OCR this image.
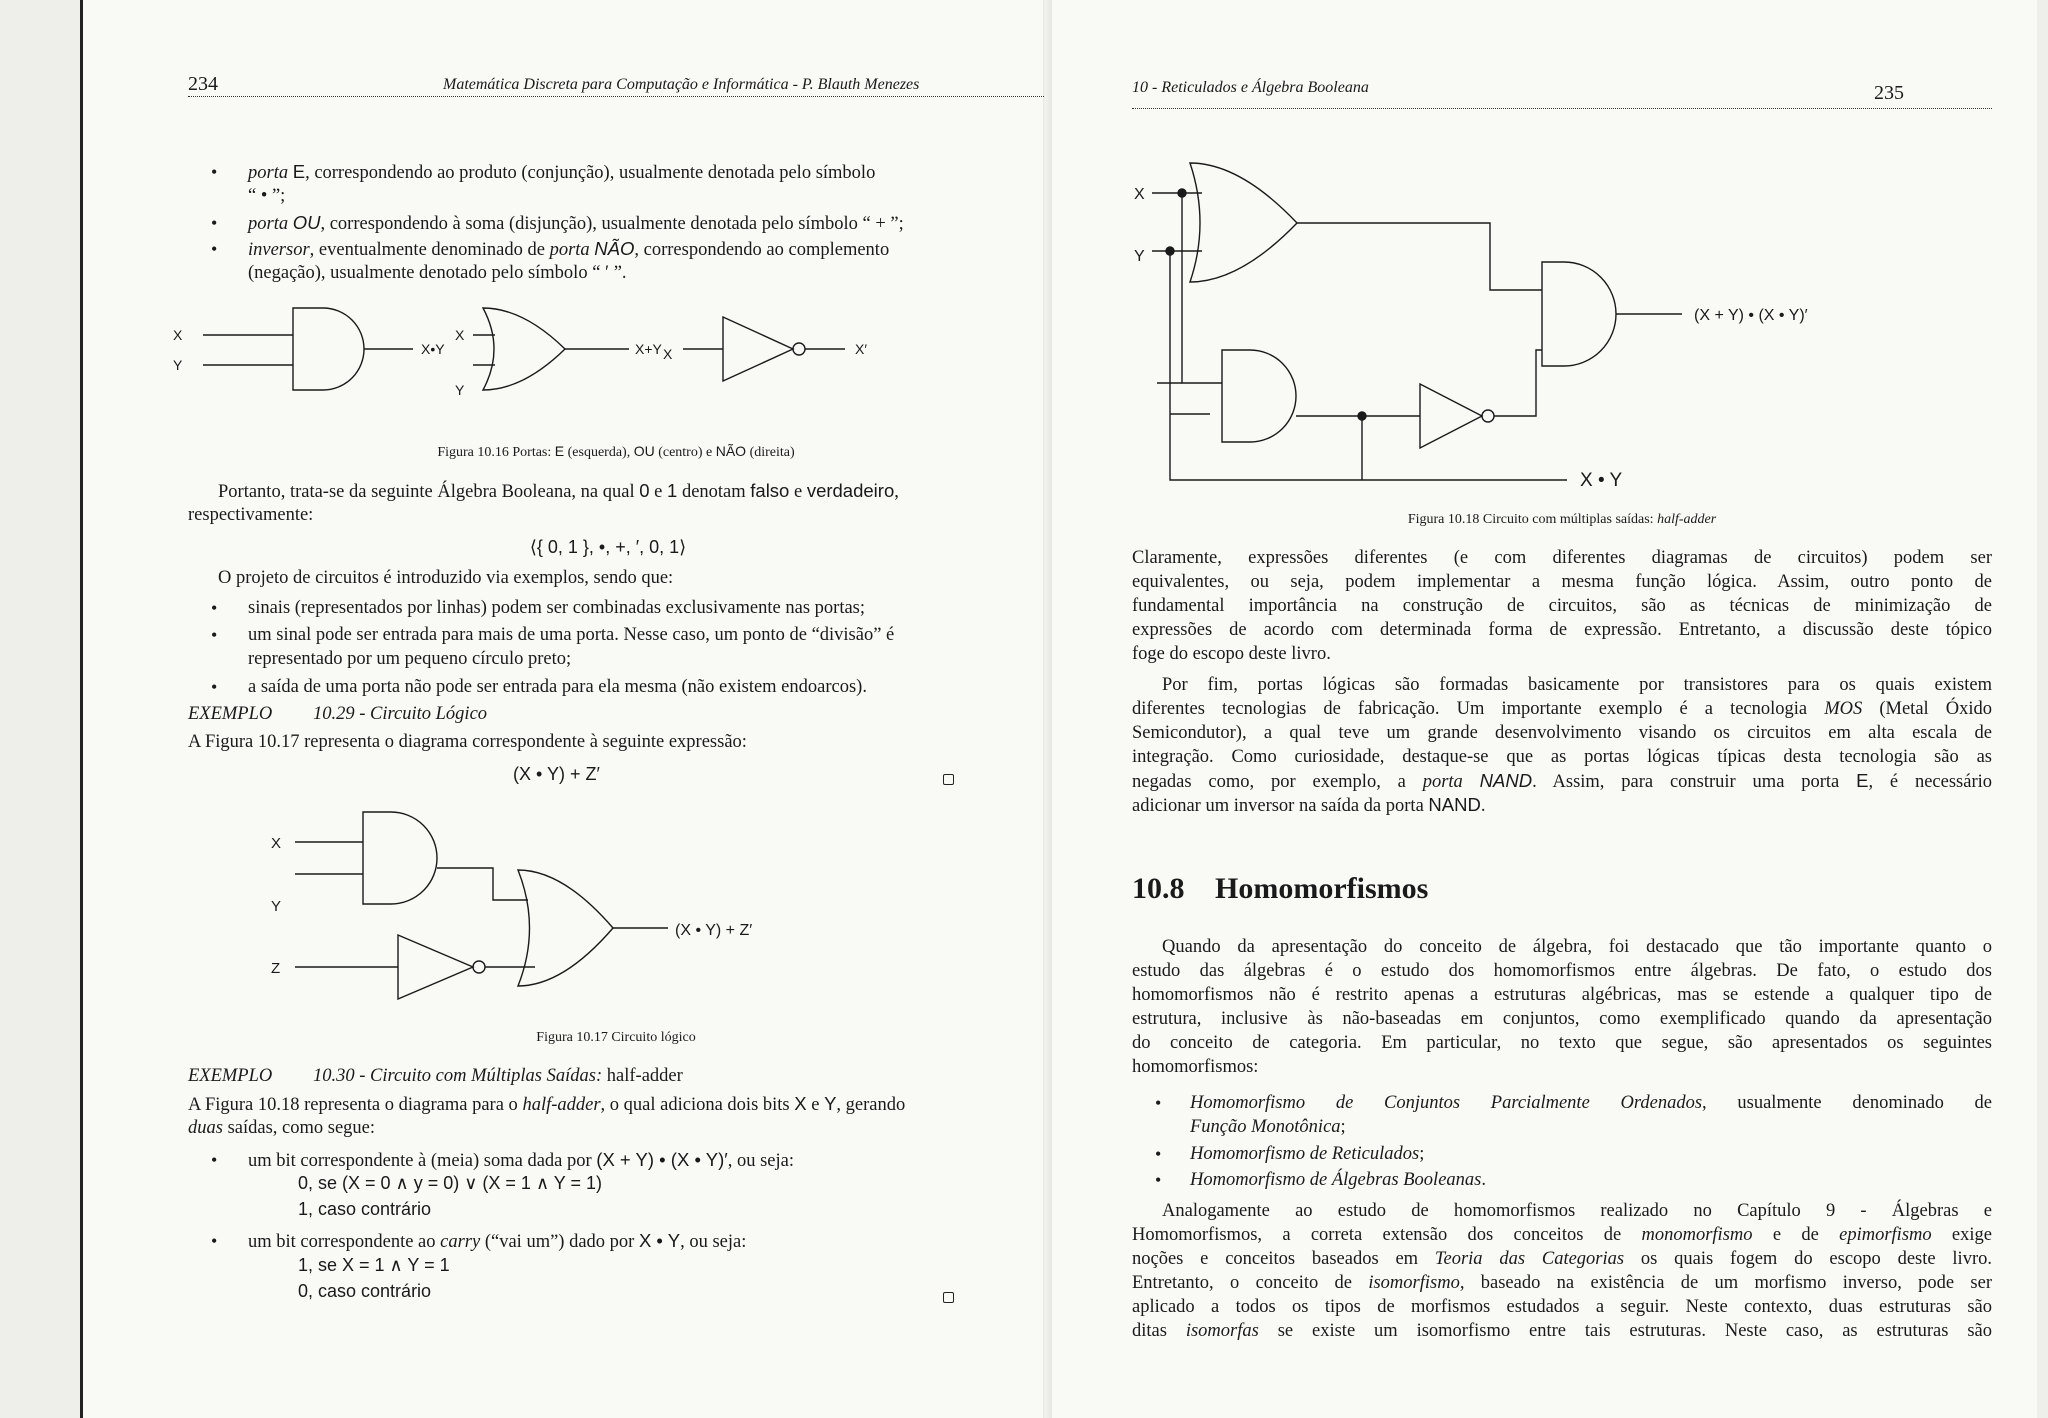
234	Matemática Discreta para Computação e Informática - P. Blauth Menezes

• porta E, correspondendo ao produto (conjunção), usualmente denotada pelo símbolo

“ • ”;

• porta OU, correspondendo à soma (disjunção), usualmente denotada pelo símbolo “ + ”;

• inversor, eventualmente denominado de porta NÃO, correspondendo ao complemento

(negação), usualmente denotado pelo símbolo “ ′ ”.

X
Y
X•Y
X
Y
X+Y X	X′

Figura 10.16 Portas: E (esquerda), OU (centro) e NÃO (direita)

Portanto, trata-se da seguinte Álgebra Booleana, na qual 0 e 1 denotam falso e verdadeiro,

respectivamente:

⟨{ 0, 1 }, •, +, ′, 0, 1⟩

O projeto de circuitos é introduzido via exemplos, sendo que:

• sinais (representados por linhas) podem ser combinadas exclusivamente nas portas;

• um sinal pode ser entrada para mais de uma porta. Nesse caso, um ponto de “divisão” é

representado por um pequeno círculo preto;

• a saída de uma porta não pode ser entrada para ela mesma (não existem endoarcos).

EXEMPLO 10.29 - Circuito Lógico

A Figura 10.17 representa o diagrama correspondente à seguinte expressão:

(X • Y) + Z′

X
Y
Z
(X • Y) + Z′

Figura 10.17 Circuito lógico

EXEMPLO 10.30 - Circuito com Múltiplas Saídas: half-adder

A Figura 10.18 representa o diagrama para o half-adder, o qual adiciona dois bits X e Y, gerando

duas saídas, como segue:

• um bit correspondente à (meia) soma dada por (X + Y) • (X • Y)′, ou seja:

0, se (X = 0 ∧ y = 0) ∨ (X = 1 ∧ Y = 1)

1, caso contrário

• um bit correspondente ao carry (“vai um”) dado por X • Y, ou seja:

1, se X = 1 ∧ Y = 1

0, caso contrário

10 - Reticulados e Álgebra Booleana	235

X
Y
(X + Y) • (X • Y)′
X • Y

Figura 10.18 Circuito com múltiplas saídas: half-adder

Claramente, expressões diferentes (e com diferentes diagramas de circuitos) podem ser

equivalentes, ou seja, podem implementar a mesma função lógica. Assim, outro ponto de

fundamental importância na construção de circuitos, são as técnicas de minimização de

expressões de acordo com determinada forma de expressão. Entretanto, a discussão deste tópico

foge do escopo deste livro.

Por fim, portas lógicas são formadas basicamente por transistores para os quais existem

diferentes tecnologias de fabricação. Um importante exemplo é a tecnologia MOS (Metal Óxido

Semicondutor), a qual teve um grande desenvolvimento visando os circuitos em alta escala de

integração. Como curiosidade, destaque-se que as portas lógicas típicas desta tecnologia são as

negadas como, por exemplo, a porta NAND. Assim, para construir uma porta E, é necessário

adicionar um inversor na saída da porta NAND.

10.8 Homomorfismos

Quando da apresentação do conceito de álgebra, foi destacado que tão importante quanto o

estudo das álgebras é o estudo dos homomorfismos entre álgebras. De fato, o estudo dos

homomorfismos não é restrito apenas a estruturas algébricas, mas se estende a qualquer tipo de

estrutura, inclusive às não-baseadas em conjuntos, como exemplificado quando da apresentação

do conceito de categoria. Em particular, no texto que segue, são apresentados os seguintes

homomorfismos:

• Homomorfismo de Conjuntos Parcialmente Ordenados, usualmente denominado de

Função Monotônica;

• Homomorfismo de Reticulados;

• Homomorfismo de Álgebras Booleanas.

Analogamente ao estudo de homomorfismos realizado no Capítulo 9 - Álgebras e

Homomorfismos, a correta extensão dos conceitos de monomorfismo e de epimorfismo exige

noções e conceitos baseados em Teoria das Categorias os quais fogem do escopo deste livro.

Entretanto, o conceito de isomorfismo, baseado na existência de um morfismo inverso, pode ser

aplicado a todos os tipos de morfismos estudados a seguir. Neste contexto, duas estruturas são

ditas isomorfas se existe um isomorfismo entre tais estruturas. Neste caso, as estruturas são
